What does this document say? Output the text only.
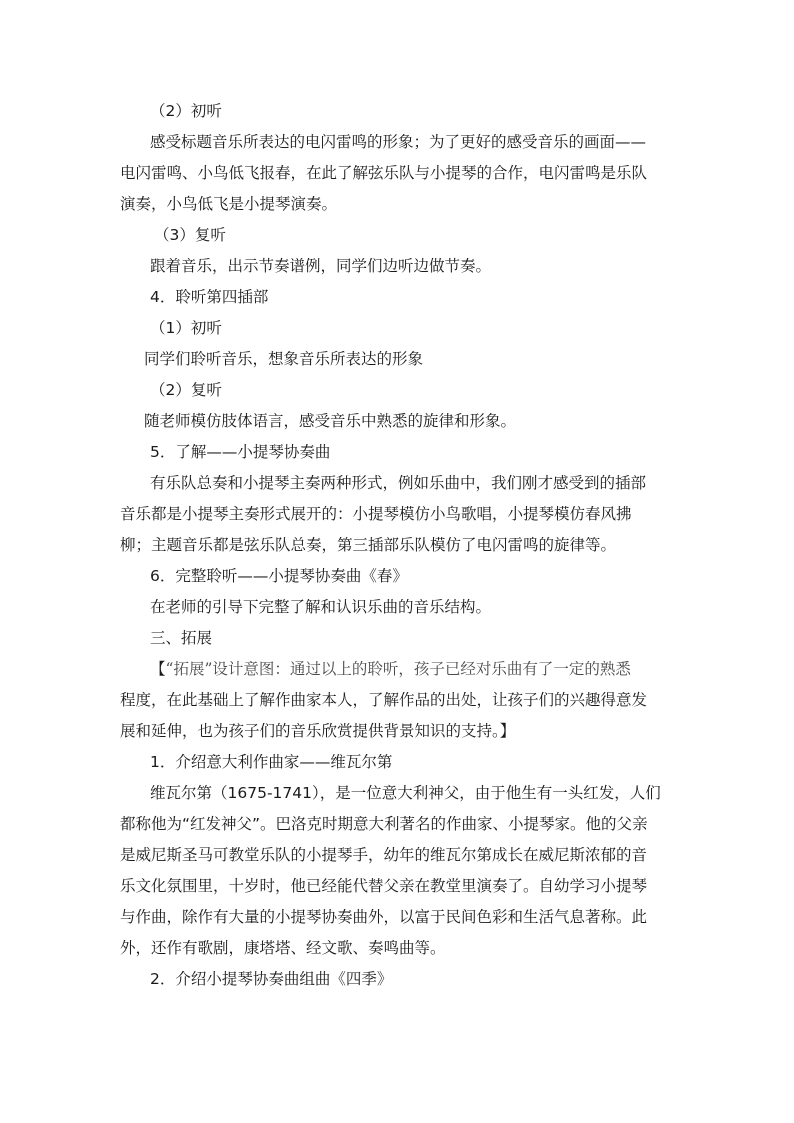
（2）初听
感受标题音乐所表达的电闪雷鸣的形象；为了更好的感受音乐的画面——
电闪雷鸣、小鸟低飞报春，在此了解弦乐队与小提琴的合作，电闪雷鸣是乐队
演奏，小鸟低飞是小提琴演奏。
（3）复听
跟着音乐，出示节奏谱例，同学们边听边做节奏。
4．聆听第四插部
（1）初听
同学们聆听音乐，想象音乐所表达的形象
（2）复听
随老师模仿肢体语言，感受音乐中熟悉的旋律和形象。
5．了解——小提琴协奏曲
有乐队总奏和小提琴主奏两种形式，例如乐曲中，我们刚才感受到的插部
音乐都是小提琴主奏形式展开的：小提琴模仿小鸟歌唱，小提琴模仿春风拂
柳；主题音乐都是弦乐队总奏，第三插部乐队模仿了电闪雷鸣的旋律等。
6．完整聆听——小提琴协奏曲《春》
在老师的引导下完整了解和认识乐曲的音乐结构。
三、拓展
【“拓展”设计意图：通过以上的聆听，孩子已经对乐曲有了一定的熟悉
程度，在此基础上了解作曲家本人，了解作品的出处，让孩子们的兴趣得意发
展和延伸，也为孩子们的音乐欣赏提供背景知识的支持。】
1．介绍意大利作曲家——维瓦尔第
维瓦尔第（1675-1741），是一位意大利神父，由于他生有一头红发，人们
都称他为“红发神父”。巴洛克时期意大利著名的作曲家、小提琴家。他的父亲
是威尼斯圣马可教堂乐队的小提琴手，幼年的维瓦尔第成长在威尼斯浓郁的音
乐文化氛围里，十岁时，他已经能代替父亲在教堂里演奏了。自幼学习小提琴
与作曲，除作有大量的小提琴协奏曲外，以富于民间色彩和生活气息著称。此
外，还作有歌剧，康塔塔、经文歌、奏鸣曲等。
2．介绍小提琴协奏曲组曲《四季》
